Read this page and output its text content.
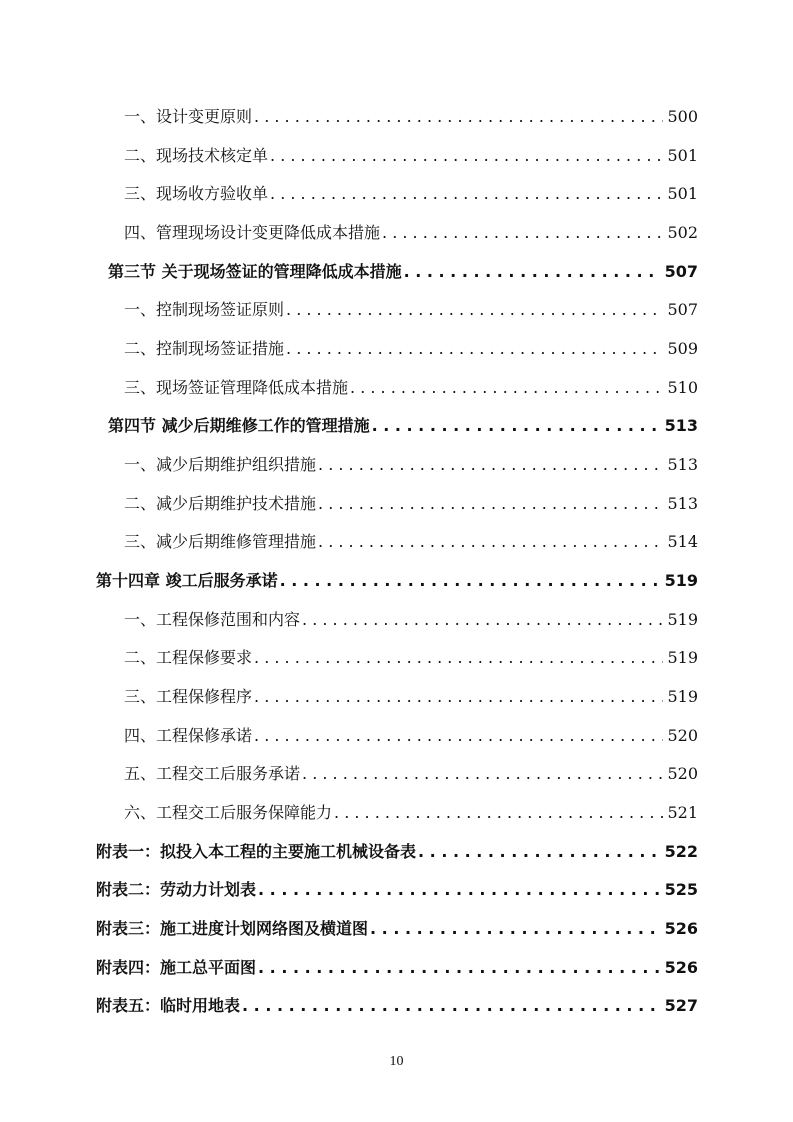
一、设计变更原则 . . .	500
二、现场技术核定单 . . .	501
三、现场收方验收单 . . .	501
四、管理现场设计变更降低成本措施 . . .	502
第三节 关于现场签证的管理降低成本措施 . . .	507
一、控制现场签证原则 . . .	507
二、控制现场签证措施 . . .	509
三、现场签证管理降低成本措施 . . .	510
第四节 减少后期维修工作的管理措施 . . .	513
一、减少后期维护组织措施 . . .	513
二、减少后期维护技术措施 . . .	513
三、减少后期维修管理措施 . . .	514
第十四章 竣工后服务承诺 . . .	519
一、工程保修范围和内容 . . .	519
二、工程保修要求 . . .	519
三、工程保修程序 . . .	519
四、工程保修承诺 . . .	520
五、工程交工后服务承诺 . . .	520
六、工程交工后服务保障能力 . . .	521
附表一：拟投入本工程的主要施工机械设备表 . . .	522
附表二：劳动力计划表 . . .	525
附表三：施工进度计划网络图及横道图 . . .	526
附表四：施工总平面图 . . .	526
附表五：临时用地表 . . .	527
10
